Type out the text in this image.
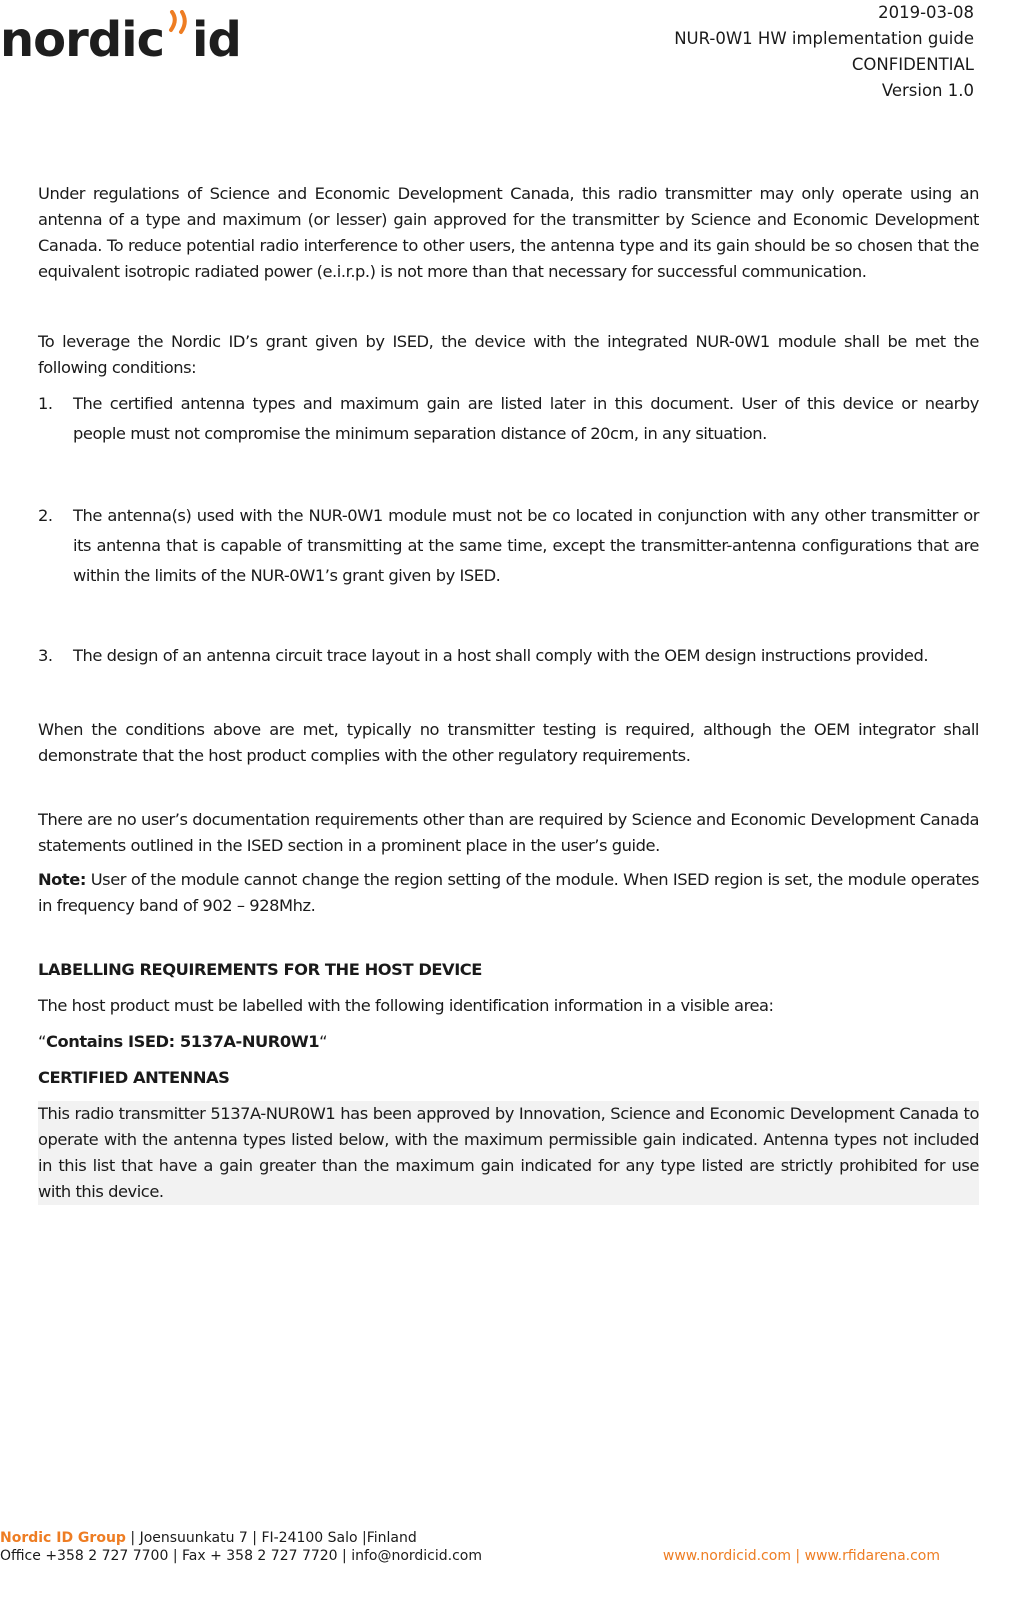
nordic id	2019-03-08
NUR-0W1 HW implementation guide
CONFIDENTIAL
Version 1.0

Under regulations of Science and Economic Development Canada, this radio transmitter may only operate using an antenna of a type and maximum (or lesser) gain approved for the transmitter by Science and Economic Development Canada. To reduce potential radio interference to other users, the antenna type and its gain should be so chosen that the equivalent isotropic radiated power (e.i.r.p.) is not more than that necessary for successful communication.

To leverage the Nordic ID’s grant given by ISED, the device with the integrated NUR-0W1 module shall be met the following conditions:

1. The certified antenna types and maximum gain are listed later in this document. User of this device or nearby people must not compromise the minimum separation distance of 20cm, in any situation.
2. The antenna(s) used with the NUR-0W1 module must not be co located in conjunction with any other transmitter or its antenna that is capable of transmitting at the same time, except the transmitter-antenna configurations that are within the limits of the NUR-0W1’s grant given by ISED.
3. The design of an antenna circuit trace layout in a host shall comply with the OEM design instructions provided.

When the conditions above are met, typically no transmitter testing is required, although the OEM integrator shall demonstrate that the host product complies with the other regulatory requirements.

There are no user’s documentation requirements other than are required by Science and Economic Development Canada statements outlined in the ISED section in a prominent place in the user’s guide.

Note: User of the module cannot change the region setting of the module. When ISED region is set, the module operates in frequency band of 902 – 928Mhz.

LABELLING REQUIREMENTS FOR THE HOST DEVICE

The host product must be labelled with the following identification information in a visible area:

“Contains ISED: 5137A-NUR0W1“

CERTIFIED ANTENNAS

This radio transmitter 5137A-NUR0W1 has been approved by Innovation, Science and Economic Development Canada to operate with the antenna types listed below, with the maximum permissible gain indicated. Antenna types not included in this list that have a gain greater than the maximum gain indicated for any type listed are strictly prohibited for use with this device.

Nordic ID Group | Joensuunkatu 7 | FI-24100 Salo |Finland
Office +358 2 727 7700 | Fax + 358 2 727 7720 | info@nordicid.com	www.nordicid.com | www.rfidarena.com
